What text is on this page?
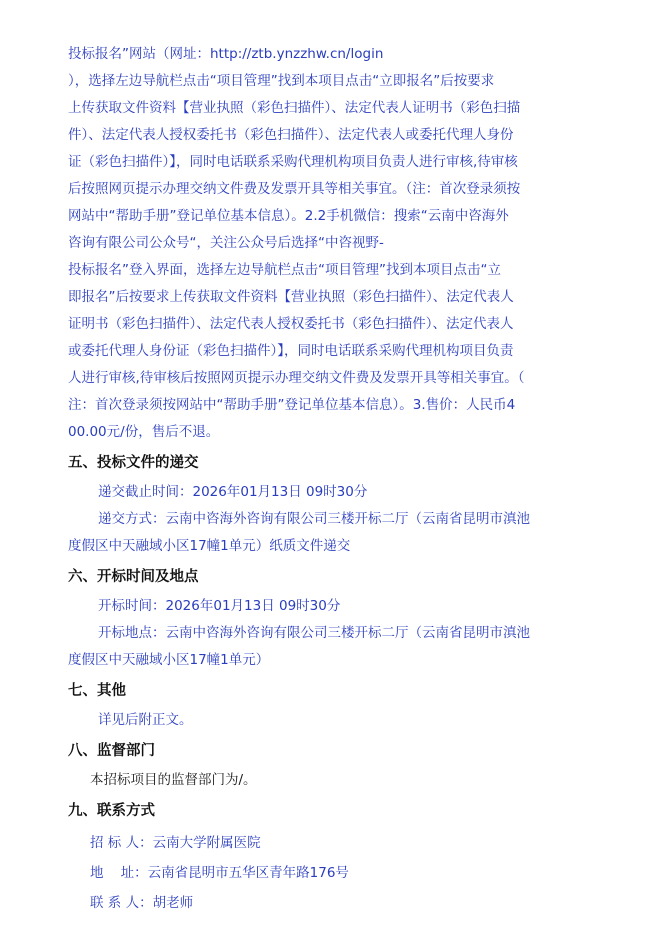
投标报名”网站（网址：http://ztb.ynzzhw.cn/login
），选择左边导航栏点击“项目管理”找到本项目点击“立即报名”后按要求
上传获取文件资料【营业执照（彩色扫描件）、法定代表人证明书（彩色扫描
件）、法定代表人授权委托书（彩色扫描件）、法定代表人或委托代理人身份
证（彩色扫描件）】，同时电话联系采购代理机构项目负责人进行审核,待审核
后按照网页提示办理交纳文件费及发票开具等相关事宜。（注：首次登录须按
网站中“帮助手册”登记单位基本信息）。2.2手机微信：搜索“云南中咨海外
咨询有限公司公众号“，关注公众号后选择“中咨视野-
投标报名”登入界面，选择左边导航栏点击“项目管理”找到本项目点击“立
即报名”后按要求上传获取文件资料【营业执照（彩色扫描件）、法定代表人
证明书（彩色扫描件）、法定代表人授权委托书（彩色扫描件）、法定代表人
或委托代理人身份证（彩色扫描件）】，同时电话联系采购代理机构项目负责
人进行审核,待审核后按照网页提示办理交纳文件费及发票开具等相关事宜。（
注：首次登录须按网站中“帮助手册”登记单位基本信息）。3.售价：人民币4
00.00元/份，售后不退。
五、投标文件的递交
递交截止时间：2026年01月13日 09时30分
递交方式：云南中咨海外咨询有限公司三楼开标二厅（云南省昆明市滇池
度假区中天融域小区17幢1单元）纸质文件递交
六、开标时间及地点
开标时间：2026年01月13日 09时30分
开标地点：云南中咨海外咨询有限公司三楼开标二厅（云南省昆明市滇池
度假区中天融域小区17幢1单元）
七、其他
详见后附正文。
八、监督部门
本招标项目的监督部门为/。
九、联系方式
招 标 人：云南大学附属医院
地    址：云南省昆明市五华区青年路176号
联 系 人：胡老师
